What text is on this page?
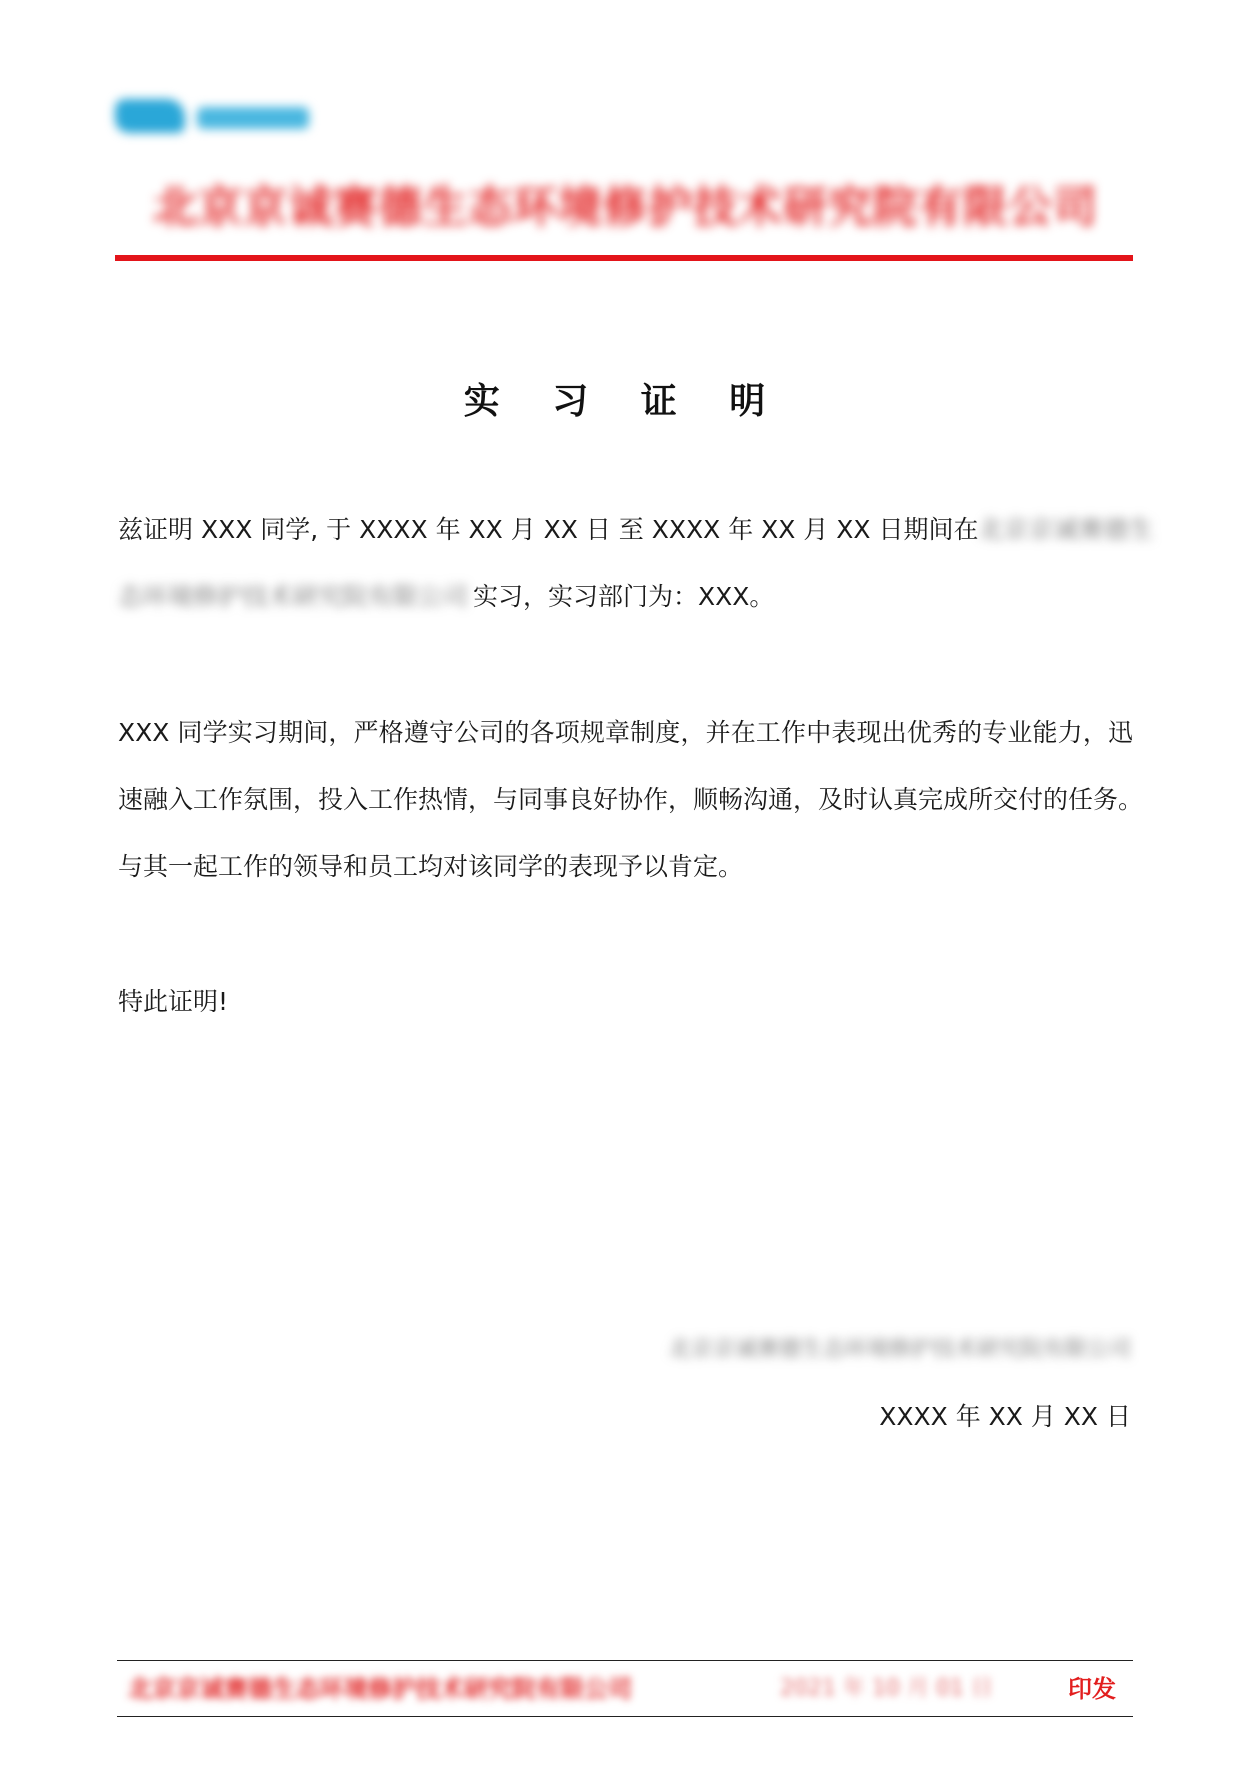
北京京诚赛德生态环境修护技术研究院有限公司
实 习 证 明
兹证明 XXX 同学, 于 XXXX 年 XX 月 XX 日 至 XXXX 年 XX 月 XX 日期间在北京京诚赛德生
态环境修护技术研究院有限公司 实习，实习部门为：XXX。
XXX 同学实习期间，严格遵守公司的各项规章制度，并在工作中表现出优秀的专业能力，迅
速融入工作氛围，投入工作热情，与同事良好协作，顺畅沟通，及时认真完成所交付的任务。
与其一起工作的领导和员工均对该同学的表现予以肯定。
特此证明!
北京京诚赛德生态环境修护技术研究院有限公司
XXXX 年 XX 月 XX 日
北京京诚赛德生态环境修护技术研究院有限公司	2021 年 10 月 01 日	印发
